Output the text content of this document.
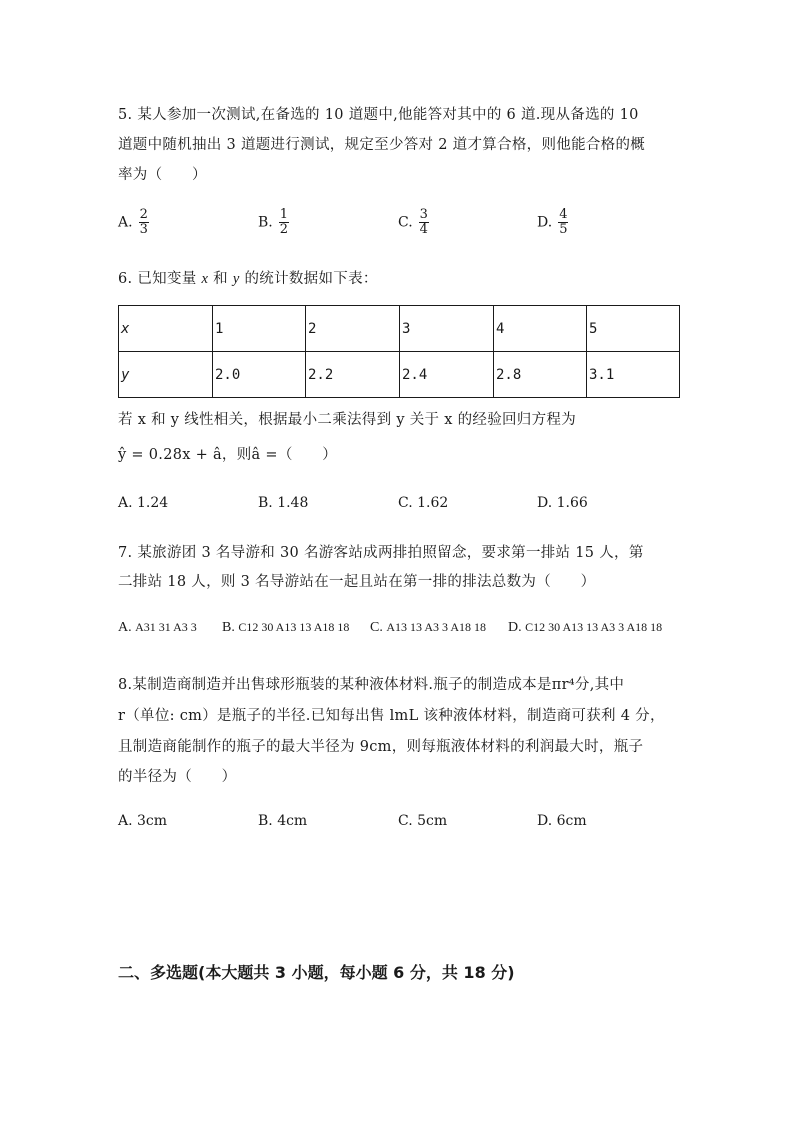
5. 某人参加一次测试,在备选的 10 道题中,他能答对其中的 6 道.现从备选的 10
道题中随机抽出 3 道题进行测试，规定至少答对 2 道才算合格，则他能合格的概
率为（　　）
A. $\frac{2}{3}$	B. $\frac{1}{2}$	C. $\frac{3}{4}$	D. $\frac{4}{5}$
6. 已知变量 x 和 y 的统计数据如下表：
x	1	2	3	4	5
y	2.0	2.2	2.4	2.8	3.1
若 x 和 y 线性相关，根据最小二乘法得到 y 关于 x 的经验回归方程为
ŷ = 0.28x + â，则â =（　　）
A. 1.24	B. 1.48	C. 1.62	D. 1.66
7. 某旅游团 3 名导游和 30 名游客站成两排拍照留念，要求第一排站 15 人，第
二排站 18 人，则 3 名导游站在一起且站在第一排的排法总数为（　　）
A. A31 31 A3 3 B. C12 30 A13 13 A18 18 C. A13 13 A3 3 A18 18 D. C12 30 A13 13 A3 3 A18 18
8.某制造商制造并出售球形瓶装的某种液体材料.瓶子的制造成本是πr⁴分,其中
r（单位: cm）是瓶子的半径.已知每出售 lmL 该种液体材料，制造商可获利 4 分，
且制造商能制作的瓶子的最大半径为 9cm，则每瓶液体材料的利润最大时，瓶子
的半径为（　　）
A. 3cm	B. 4cm	C. 5cm	D. 6cm
二、多选题(本大题共 3 小题，每小题 6 分，共 18 分)
